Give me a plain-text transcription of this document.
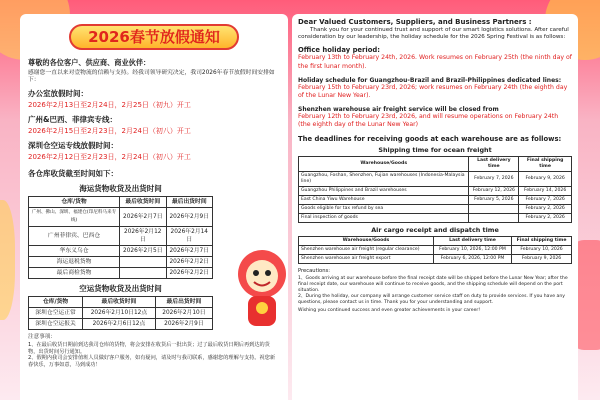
2026春节放假通知
尊敬的各位客户、供应商、商业伙伴：
感谢您一直以来对壹物流的信赖与支持。经我司领导研究决定，我司2026年春节放假时间安排如下：
办公室放假时间：
2026年2月13日至2月24日，2月25日（初九）开工
广州&巴西、菲律宾专线：
2026年2月15日至2月23日，2月24日（初八）开工
深圳仓空运专线放假时间：
2026年2月12日至2月23日，2月24日（初八）开工
各仓库收货截至时间如下：
海运货物收货及出货时间
仓库/货物	最后收货时间	最后出货时间
广州、佛山、深圳、福建仓(印尼料马来专线)	2026年2月7日	2026年2月9日
广州菲律宾、巴西仓	2026年2月12日	2026年2月14日
华东义乌仓	2026年2月5日	2026年2月7日
海运退税货物		2026年2月2日
最后商检货物		2026年2月2日
空运货物收货及出货时间
仓库/货物	最后收货时间	最后出货时间
深圳仓空运正常	2026年2月10日12点	2026年2月10日
深圳仓空运报关	2026年2月6日12点	2026年2月9日
注意事项：
1、在最后收货日期前到达我司仓库的货物，将会安排在收货后一批出货；过了最后收货日期后再到达的货物，出货时间另行通知。
2、假期内我司会安排值班人员做好客户服务，如有疑问，请及时与我司联系，感谢您的理解与支持。祝您新春快乐，万事如意，马到成功！
Dear Valued Customers, Suppliers, and Business Partners :
Thank you for your continued trust and support of our smart logistics solutions. After careful consideration by our leadership, the holiday schedule for the 2026 Spring Festival is as follows:
Office holiday period:
February 13th to February 24th, 2026. Work resumes on February 25th (the ninth day of the first lunar month).
Holiday schedule for Guangzhou-Brazil and Brazil-Philippines dedicated lines:
February 15th to February 23rd, 2026; work resumes on February 24th (the eighth day of the Lunar New Year).
Shenzhen warehouse air freight service will be closed from
February 12th to February 23rd, 2026, and will resume operations on February 24th (the eighth day of the Lunar New Year)
The deadlines for receiving goods at each warehouse are as follows:
Shipping time for ocean freight
Warehouse/Goods	Last delivery time	Final shipping time
Guangzhou, Foshan, Shenzhen, Fujian warehouses (Indonesia-Malaysia line)	February 7, 2026	February 9, 2026
Guangzhou Philippines and Brazil warehouses	February 12, 2026	February 14, 2026
East China Yiwu Warehouse	February 5, 2026	February 7, 2026
Goods eligible for tax refund by sea		February 2, 2026
Final inspection of goods		February 2, 2026
Air cargo receipt and dispatch time
Warehouse/Goods	Last delivery time	Final shipping time
Shenzhen warehouse air freight (regular clearance)	February 10, 2026, 12:00 PM	February 10, 2026
Shenzhen warehouse air freight export	February 6, 2026, 12:00 PM	February 9, 2026
Precautions:
1、Goods arriving at our warehouse before the final receipt date will be shipped before the Lunar New Year; after the final receipt date, our warehouse will continue to receive goods, and the shipping schedule will depend on the port situation.
2、During the holiday, our company will arrange customer service staff on duty to provide services. If you have any questions, please contact us in time. Thank you for your understanding and support.
Wishing you continued success and even greater achievements in your career!
